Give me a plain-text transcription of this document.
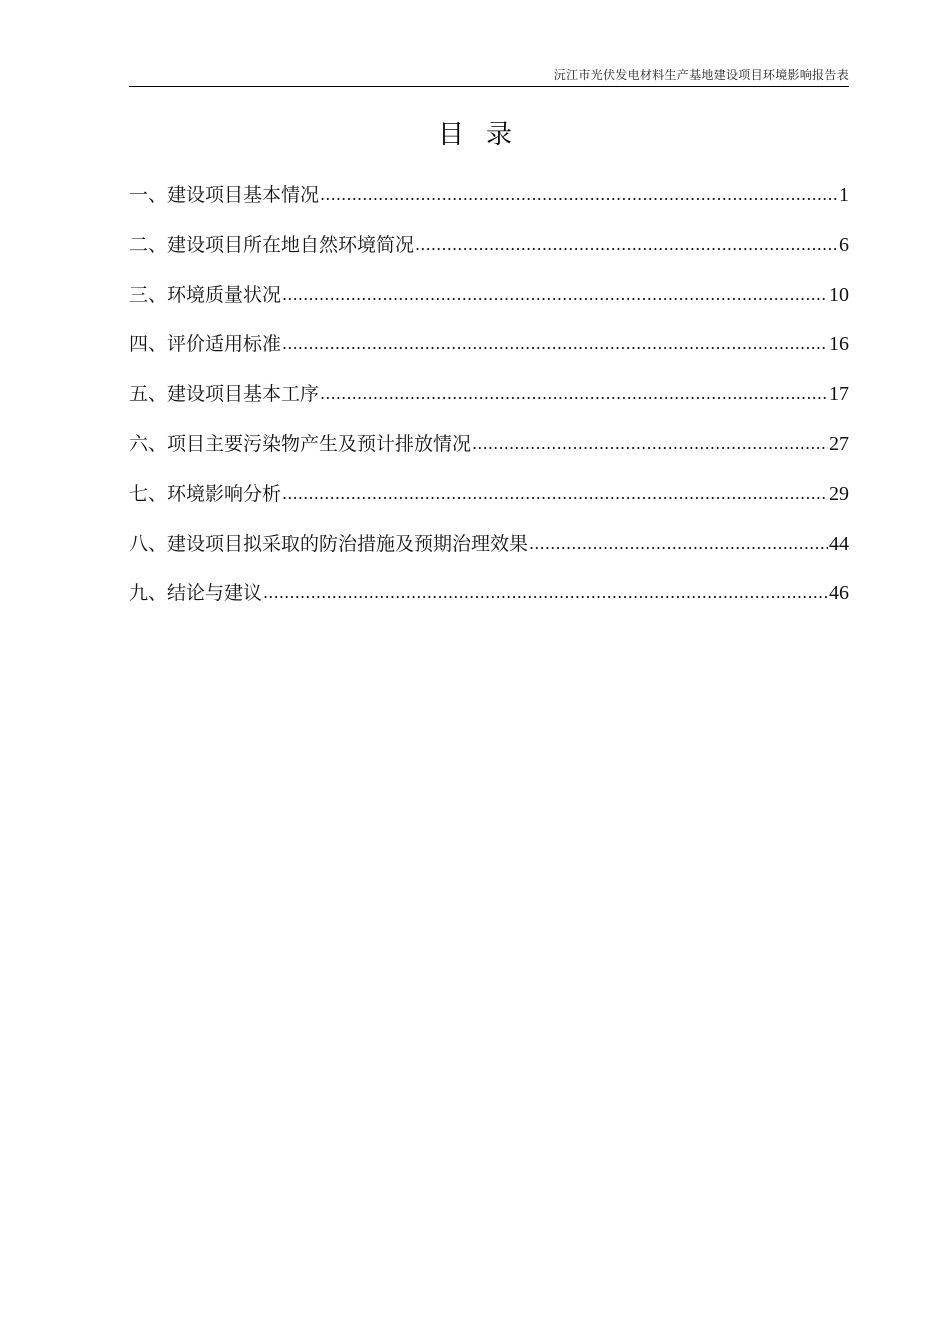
沅江市光伏发电材料生产基地建设项目环境影响报告表
目录
一、建设项目基本情况 .....	1
二、建设项目所在地自然环境简况 .....	6
三、环境质量状况 .....	10
四、评价适用标准 .....	16
五、建设项目基本工序 .....	17
六、项目主要污染物产生及预计排放情况 .....	27
七、环境影响分析 .....	29
八、建设项目拟采取的防治措施及预期治理效果 .....	44
九、结论与建议 .....	46
